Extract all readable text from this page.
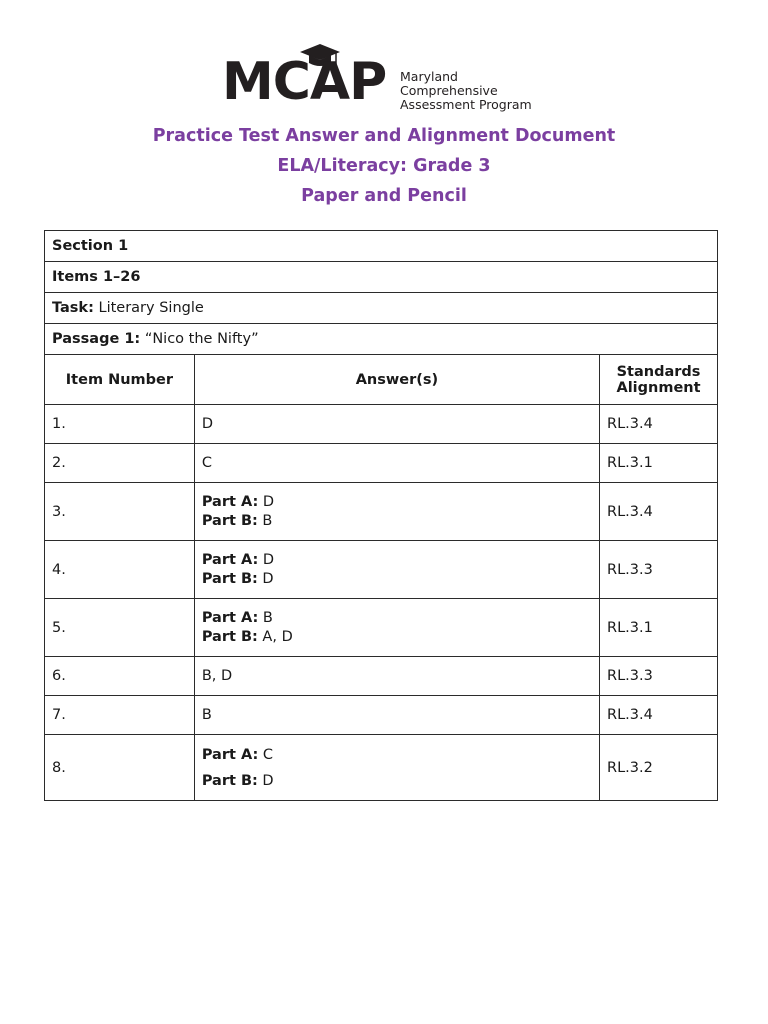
MCAP Maryland Comprehensive
Assessment Program
Practice Test Answer and Alignment Document
ELA/Literacy: Grade 3
Paper and Pencil
Section 1		
Items 1–26		
Task: Literary Single		
Passage 1: “Nico the Nifty”		
Item Number	Answer(s)	Standards
Alignment

1.	D	RL.3.4
2.	C	RL.3.1
3.	Part A: D
Part B: B	RL.3.4
4.	Part A: D
Part B: D	RL.3.3
5.	Part A: B
Part B: A, D	RL.3.1
6.	B, D	RL.3.3
7.	B	RL.3.4
8.	Part A: C
Part B: D	RL.3.2
